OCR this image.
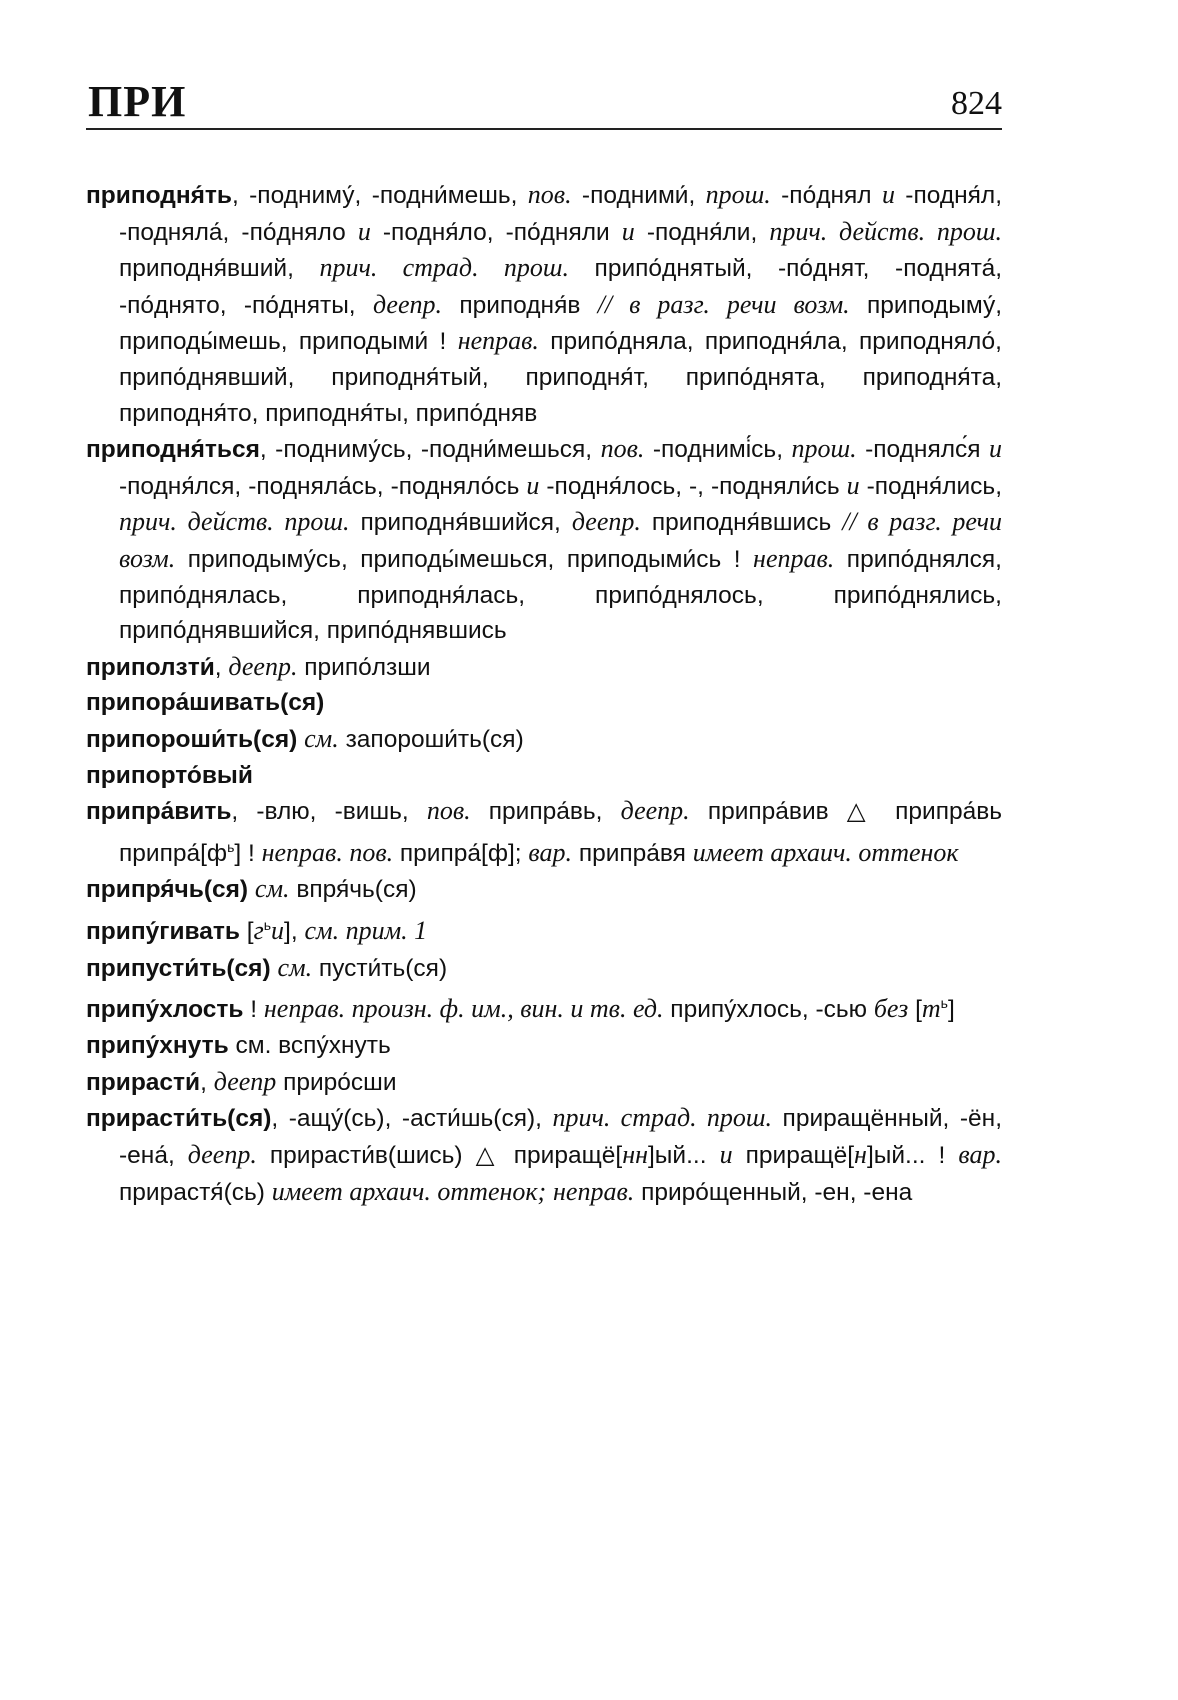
ПРИ	824
приподня́ть, -подниму́, -подни́мешь, пов. -подними́, прош. -по́днял и -подня́л, -подняла́, -по́дняло и -подня́ло, -по́дняли и -подня́ли, прич. действ. прош. приподня́вший, прич. страд. прош. припо́днятый, -по́днят, -поднята́, -по́днято, -по́дняты, деепр. приподня́в // в разг. речи возм. приподыму́, приподы́мешь, приподыми́ ! неправ. припо́дняла, приподня́ла, приподняло́, припо́днявший, приподня́тый, приподня́т, припо́днята, приподня́та, приподня́то, приподня́ты, припо́дняв
приподня́ться, -подниму́сь, -подни́мешься, пов. -поднимі́сь, прош. -поднялс́я и -подня́лся, -подняла́сь, -подняло́сь и -подня́лось, -, -подняли́сь и -подня́лись, прич. действ. прош. приподня́вшийся, деепр. приподня́вшись // в разг. речи возм. приподыму́сь, приподы́мешься, приподыми́сь ! неправ. припо́днялся, припо́днялась, приподня́лась, припо́днялось, припо́днялись, припо́днявшийся, припо́днявшись
приползти́, деепр. припо́лзши
припора́шивать(ся)
припороши́ть(ся) см. запороши́ть(ся)
припорто́вый
припра́вить, -влю, -вишь, пов. припра́вь, деепр. припра́вив △ припра́вь $припра́[ф^ь]$ ! неправ. пов. припра́[ф]; вар. припра́вя имеет архаич. оттенок
припря́чь(ся) см. впря́чь(ся)
припу́гивать $[г^ьи]$, см. прим. 1
припусти́ть(ся) см. пусти́ть(ся)
припу́хлость ! неправ. произн. ф. им., вин. и тв. ед. припу́хлось, -сью без $[т^ь]$
припу́хнуть см. вспу́хнуть
прирасти́, деепр приро́сши
прирасти́ть(ся), -ащу́(сь), -асти́шь(ся), прич. страд. прош. приращённый, -ён, -ена́, деепр. прирасти́в(шись) △ приращё[нн]ый... и приращё[н]ый... ! вар. прирастя́(сь) имеет архаич. оттенок; неправ. приро́щенный, -ен, -ена
